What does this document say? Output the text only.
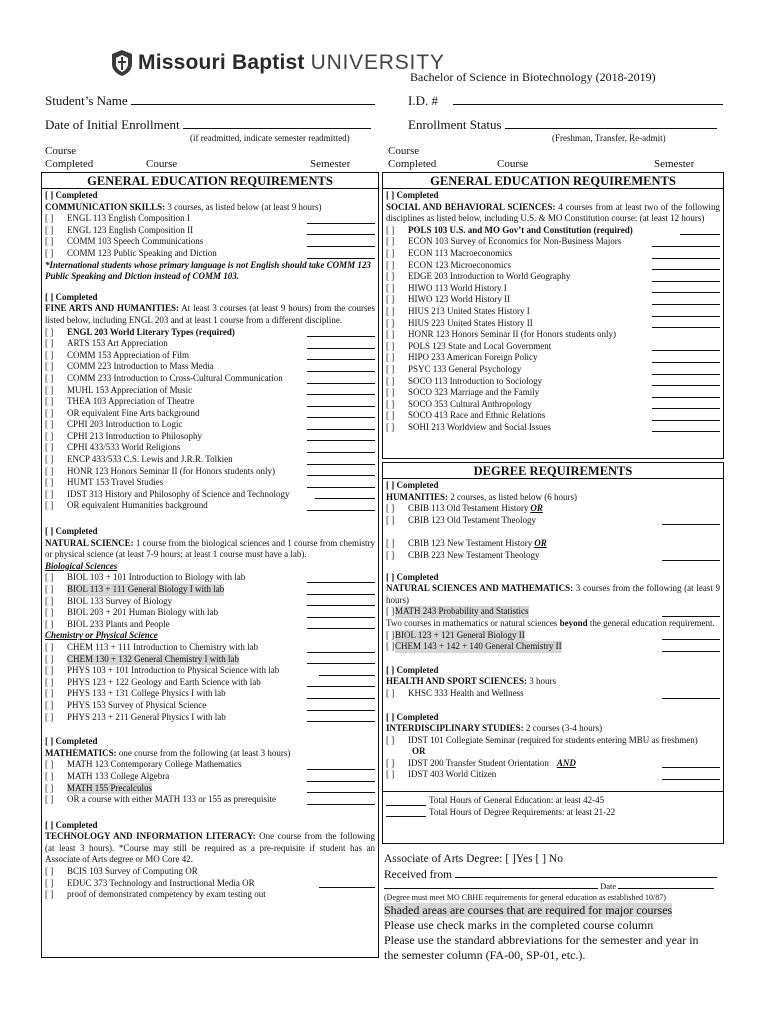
Missouri Baptist UNIVERSITY
Bachelor of Science in Biotechnology (2018-2019)
Student’s Name	I.D. #
Date of Initial Enrollment
(if readmitted, indicate semester readmitted)
Enrollment Status
(Freshman, Transfer, Re-admit)
Course
Completed	Course	Semester
Course
Completed	Course	Semester
GENERAL EDUCATION REQUIREMENTS
[ ] Completed

COMMUNICATION SKILLS: 3 courses, as listed below (at least 9 hours)

[ ]	ENGL 113 English Composition I
[ ]	ENGL 123 English Composition II
[ ]	COMM 103 Speech Communications
[ ]	COMM 123 Public Speaking and Diction

*International students whose primary language is not English should take COMM 123 Public Speaking and Diction instead of COMM 103.

[ ] Completed

FINE ARTS AND HUMANITIES: At least 3 courses (at least 9 hours) from the courses listed below, including ENGL 203 and at least 1 course from a different discipline.

[ ]	ENGL 203 World Literary Types (required)
[ ]	ARTS 153 Art Appreciation
[ ]	COMM 153 Appreciation of Film
[ ]	COMM 223 Introduction to Mass Media
[ ]	COMM 233 Introduction to Cross-Cultural Communication
[ ]	MUHL 153 Appreciation of Music
[ ]	THEA 103 Appreciation of Theatre
[ ]	OR equivalent Fine Arts background
[ ]	CPHI 203 Introduction to Logic
[ ]	CPHI 213 Introduction to Philosophy
[ ]	CPHI 433/533 World Religions
[ ]	ENCP 433/533 C.S. Lewis and J.R.R. Tolkien
[ ]	HONR 123 Honors Seminar II (for Honors students only)
[ ]	HUMT 153 Travel Studies
[ ]	IDST 313 History and Philosophy of Science and Technology
[ ]	OR equivalent Humanities background
[ ] Completed

NATURAL SCIENCE: 1 course from the biological sciences and 1 course from chemistry or physical science (at least 7-9 hours; at least 1 course must have a lab).

Biological Sciences

[ ]	BIOL 103 + 101 Introduction to Biology with lab
[ ]	BIOL 113 + 111 General Biology I with lab
[ ]	BIOL 133 Survey of Biology
[ ]	BIOL 203 + 201 Human Biology with lab
[ ]	BIOL 233 Plants and People

Chemistry or Physical Science

[ ]	CHEM 113 + 111 Introduction to Chemistry with lab
[ ]	CHEM 130 + 132 General Chemistry I with lab
[ ]	PHYS 103 + 101 Introduction to Physical Science with lab
[ ]	PHYS 123 + 122 Geology and Earth Science with lab
[ ]	PHYS 133 + 131 College Physics I with lab
[ ]	PHYS 153 Survey of Physical Science
[ ]	PHYS 213 + 211 General Physics I with lab
[ ] Completed

MATHEMATICS: one course from the following (at least 3 hours)

[ ]	MATH 123 Contemporary College Mathematics
[ ]	MATH 133 College Algebra
[ ]	MATH 155 Precalculus
[ ]	OR a course with either MATH 133 or 155 as prerequisite
[ ] Completed

TECHNOLOGY AND INFORMATION LITERACY: One course from the following (at least 3 hours). *Course may still be required as a pre-requisite if student has an Associate of Arts degree or MO Core 42.

[ ]	BCIS 103 Survey of Computing OR
[ ]	EDUC 373 Technology and Instructional Media OR
[ ]	proof of demonstrated competency by exam testing out
GENERAL EDUCATION REQUIREMENTS
[ ] Completed

SOCIAL AND BEHAVIORAL SCIENCES: 4 courses from at least two of the following disciplines as listed below, including U.S. & MO Constitution course: (at least 12 hours)

[ ]	POLS 103 U.S. and MO Gov’t and Constitution (required)
[ ]	ECON 103 Survey of Economics for Non-Business Majors
[ ]	ECON 113 Macroeconomics
[ ]	ECON 123 Microeconomics
[ ]	EDGE 203 Introduction to World Geography
[ ]	HIWO 113 World History I
[ ]	HIWO 123 World History II
[ ]	HIUS 213 United States History I
[ ]	HIUS 223 United States History II
[ ]	HONR 123 Honors Seminar II (for Honors students only)
[ ]	POLS 123 State and Local Government
[ ]	HIPO 233 American Foreign Policy
[ ]	PSYC 133 General Psychology
[ ]	SOCO 113 Introduction to Sociology
[ ]	SOCO 323 Marriage and the Family
[ ]	SOCO 353 Cultural Anthropology
[ ]	SOCO 413 Race and Ethnic Relations
[ ]	SOHI 213 Worldview and Social Issues
DEGREE REQUIREMENTS
[ ] Completed

HUMANITIES: 2 courses, as listed below (6 hours)

[ ]	CBIB 113 Old Testament History OR
[ ]	CBIB 123 Old Testament Theology
[ ]	CBIB 123 New Testament History OR
[ ]	CBIB 223 New Testament Theology
[ ] Completed

NATURAL SCIENCES AND MATHEMATICS: 3 courses from the following (at least 9 hours)

[ ] MATH 243 Probability and Statistics

Two courses in mathematics or natural sciences beyond the general education requirement.

[ ] BIOL 123 + 121 General Biology II
[ ] CHEM 143 + 142 + 140 General Chemistry II
[ ] Completed

HEALTH AND SPORT SCIENCES: 3 hours

[ ]	KHSC 333 Health and Wellness
[ ] Completed

INTERDISCIPLINARY STUDIES: 2 courses (3-4 hours)

[ ]	IDST 101 Collegiate Seminar (required for students entering MBU as freshmen)
OR
[ ]	IDST 200 Transfer Student Orientation AND
[ ]	IDST 403 World Citizen
Total Hours of General Education: at least 42-45
Total Hours of Degree Requirements: at least 21-22
Associate of Arts Degree: [ ]Yes [ ] No
Received from
Date
(Degree must meet MO CBHE requirements for general education as established 10/87)
Shaded areas are courses that are required for major courses
Please use check marks in the completed course column
Please use the standard abbreviations for the semester and year in the semester column (FA-00, SP-01, etc.).
